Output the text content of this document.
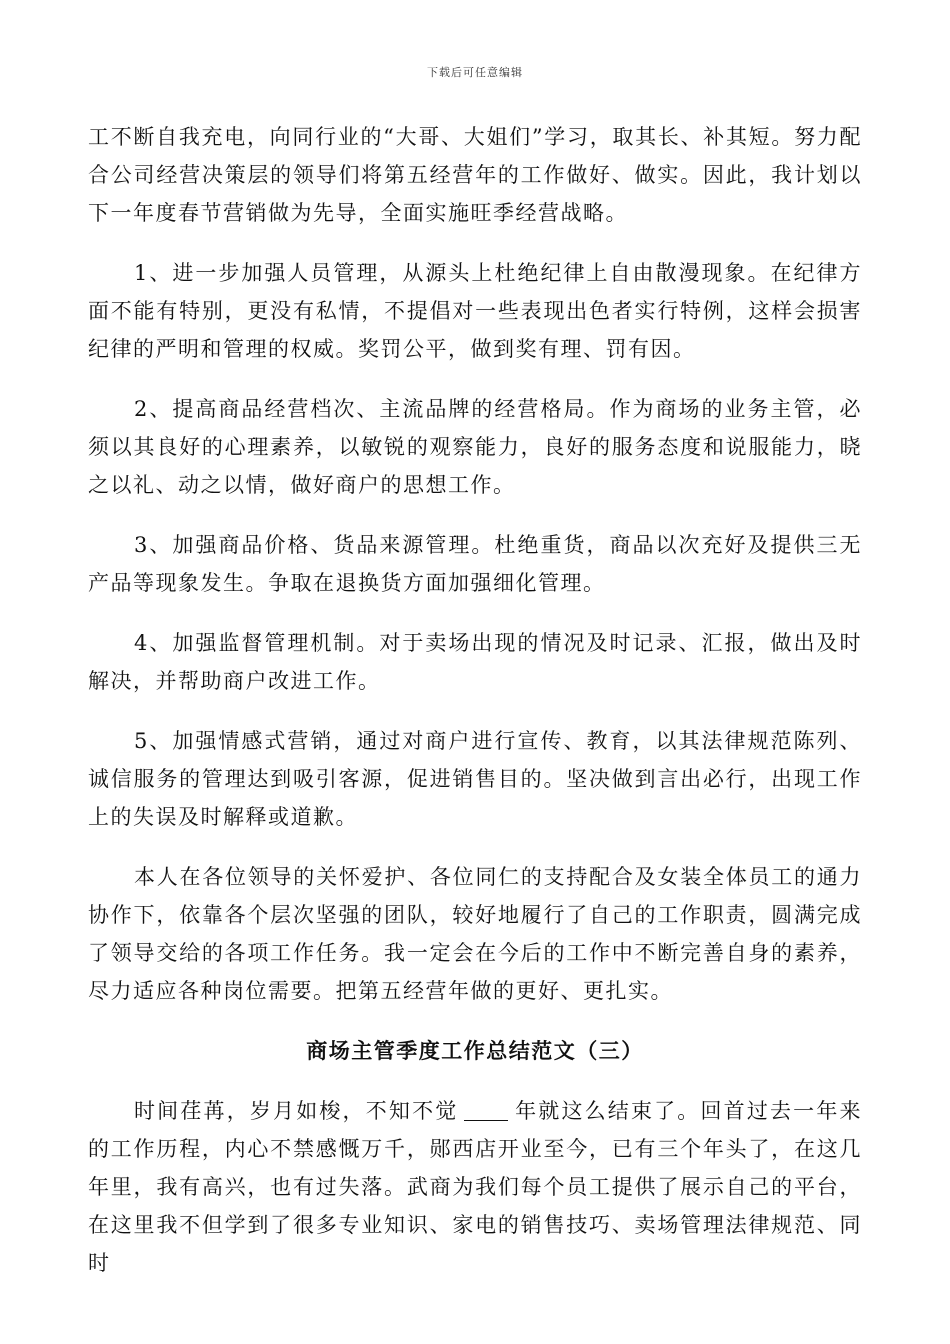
下载后可任意编辑

工不断自我充电，向同行业的“大哥、大姐们”学习，取其长、补其短。努力配合公司经营决策层的领导们将第五经营年的工作做好、做实。因此，我计划以下一年度春节营销做为先导，全面实施旺季经营战略。

1、进一步加强人员管理，从源头上杜绝纪律上自由散漫现象。在纪律方面不能有特别，更没有私情，不提倡对一些表现出色者实行特例，这样会损害纪律的严明和管理的权威。奖罚公平，做到奖有理、罚有因。

2、提高商品经营档次、主流品牌的经营格局。作为商场的业务主管，必须以其良好的心理素养，以敏锐的观察能力，良好的服务态度和说服能力，晓之以礼、动之以情，做好商户的思想工作。

3、加强商品价格、货品来源管理。杜绝重货，商品以次充好及提供三无产品等现象发生。争取在退换货方面加强细化管理。

4、加强监督管理机制。对于卖场出现的情况及时记录、汇报，做出及时解决，并帮助商户改进工作。

5、加强情感式营销，通过对商户进行宣传、教育，以其法律规范陈列、诚信服务的管理达到吸引客源，促进销售目的。坚决做到言出必行，出现工作上的失误及时解释或道歉。

本人在各位领导的关怀爱护、各位同仁的支持配合及女装全体员工的通力协作下，依靠各个层次坚强的团队，较好地履行了自己的工作职责，圆满完成了领导交给的各项工作任务。我一定会在今后的工作中不断完善自身的素养，尽力适应各种岗位需要。把第五经营年做的更好、更扎实。

商场主管季度工作总结范文（三）

时间荏苒，岁月如梭，不知不觉	年就这么结束了。回首过去一年来的工作历程，内心不禁感慨万千，郧西店开业至今，已有三个年头了，在这几年里，我有高兴，也有过失落。武商为我们每个员工提供了展示自己的平台，在这里我不但学到了很多专业知识、家电的销售技巧、卖场管理法律规范、同时
